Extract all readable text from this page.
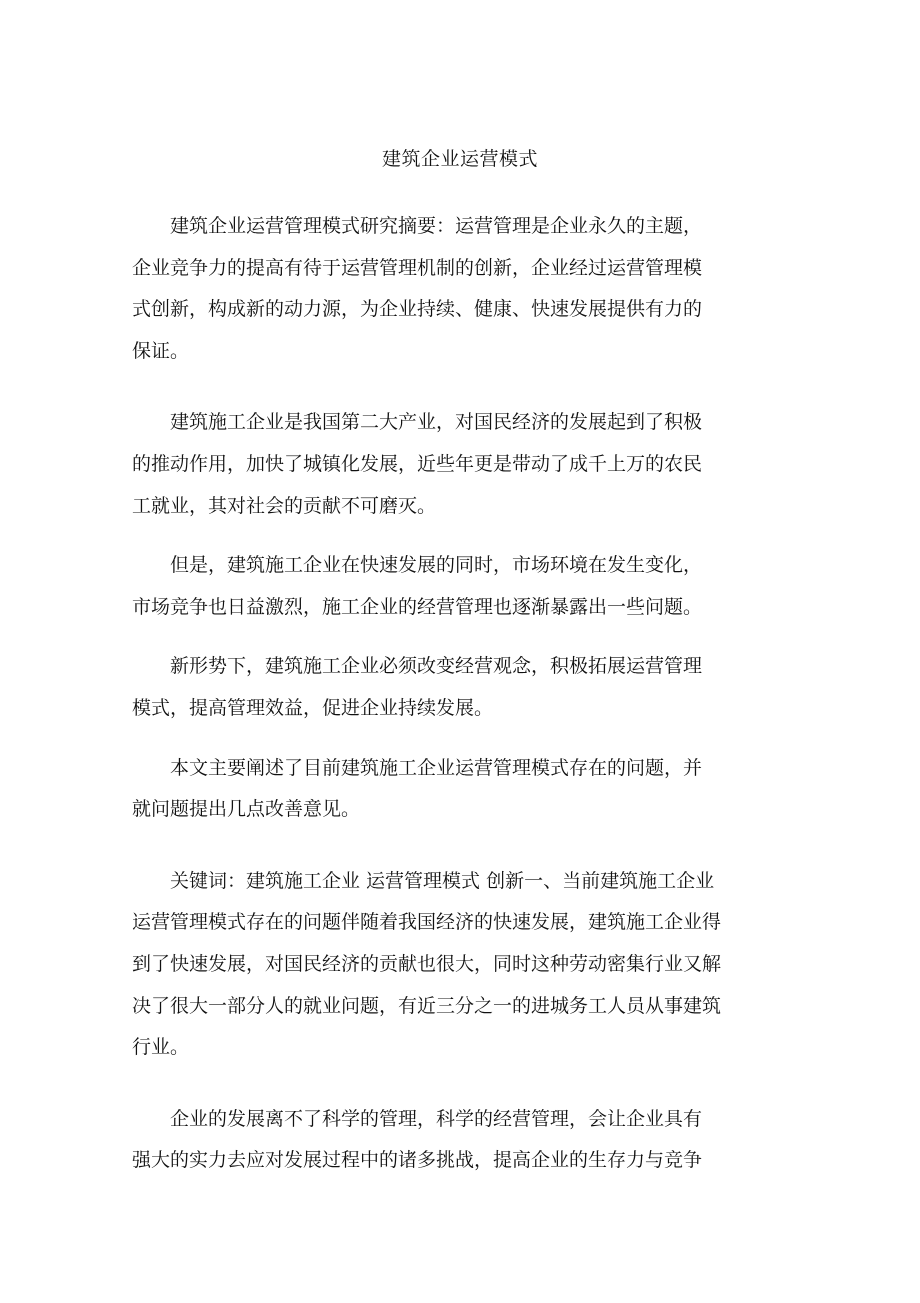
建筑企业运营模式

建筑企业运营管理模式研究摘要：运营管理是企业永久的主题，
企业竞争力的提高有待于运营管理机制的创新，企业经过运营管理模
式创新，构成新的动力源，为企业持续、健康、快速发展提供有力的
保证。

建筑施工企业是我国第二大产业，对国民经济的发展起到了积极
的推动作用，加快了城镇化发展，近些年更是带动了成千上万的农民
工就业，其对社会的贡献不可磨灭。

但是，建筑施工企业在快速发展的同时，市场环境在发生变化，
市场竞争也日益激烈，施工企业的经营管理也逐渐暴露出一些问题。

新形势下，建筑施工企业必须改变经营观念，积极拓展运营管理
模式，提高管理效益，促进企业持续发展。

本文主要阐述了目前建筑施工企业运营管理模式存在的问题，并
就问题提出几点改善意见。

关键词：建筑施工企业 运营管理模式 创新一、当前建筑施工企业
运营管理模式存在的问题伴随着我国经济的快速发展，建筑施工企业得
到了快速发展，对国民经济的贡献也很大，同时这种劳动密集行业又解
决了很大一部分人的就业问题，有近三分之一的进城务工人员从事建筑
行业。

企业的发展离不了科学的管理，科学的经营管理，会让企业具有
强大的实力去应对发展过程中的诸多挑战，提高企业的生存力与竞争
